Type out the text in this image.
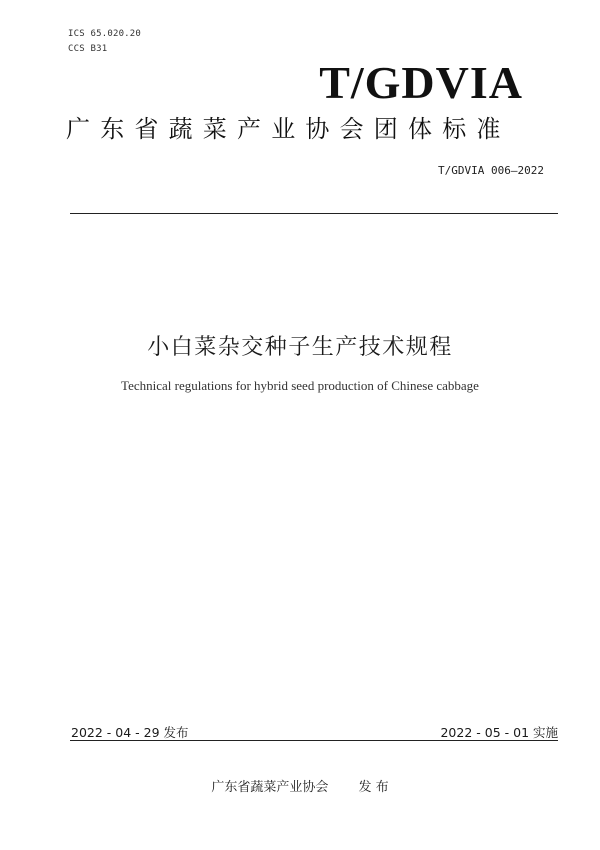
ICS 65.020.20
CCS B31
T/GDVIA
广东省蔬菜产业协会团体标准
T/GDVIA 006—2022
小白菜杂交种子生产技术规程
Technical regulations for hybrid seed production of Chinese cabbage
2022 - 04 - 29 发布	2022 - 05 - 01 实施
广东省蔬菜产业协会 发 布
